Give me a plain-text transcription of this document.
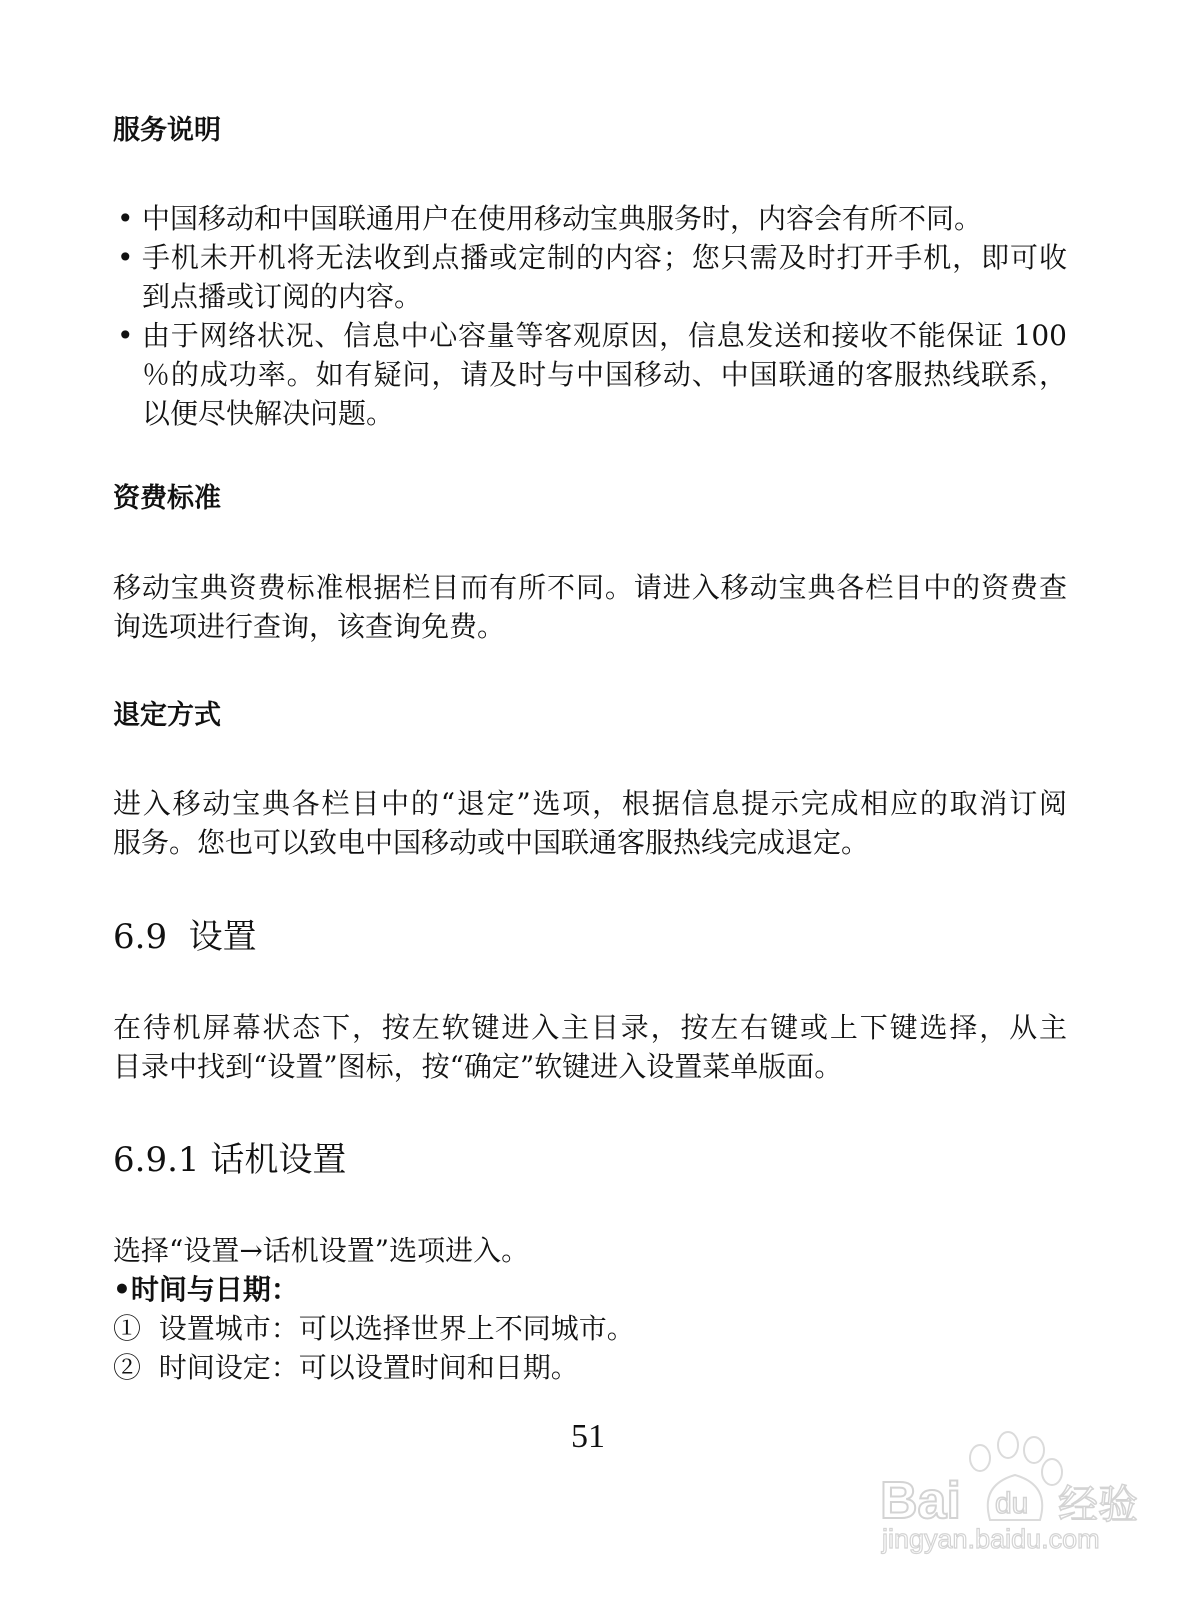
服务说明
• 中国移动和中国联通用户在使用移动宝典服务时，内容会有所不同。
• 手机未开机将无法收到点播或定制的内容；您只需及时打开手机，即可收
到点播或订阅的内容。
• 由于网络状况、信息中心容量等客观原因，信息发送和接收不能保证 100
％的成功率。如有疑问，请及时与中国移动、中国联通的客服热线联系，
以便尽快解决问题。
资费标准
移动宝典资费标准根据栏目而有所不同。请进入移动宝典各栏目中的资费查
询选项进行查询，该查询免费。
退定方式
进入移动宝典各栏目中的“退定”选项，根据信息提示完成相应的取消订阅
服务。您也可以致电中国移动或中国联通客服热线完成退定。
6.9  设置
在待机屏幕状态下，按左软键进入主目录，按左右键或上下键选择，从主
目录中找到“设置”图标，按“确定”软键进入设置菜单版面。
6.9.1 话机设置
选择“设置→话机设置”选项进入。
•时间与日期：
①  设置城市：可以选择世界上不同城市。
②  时间设定：可以设置时间和日期。
51
Bai du 经验
jingyan.baidu.com
